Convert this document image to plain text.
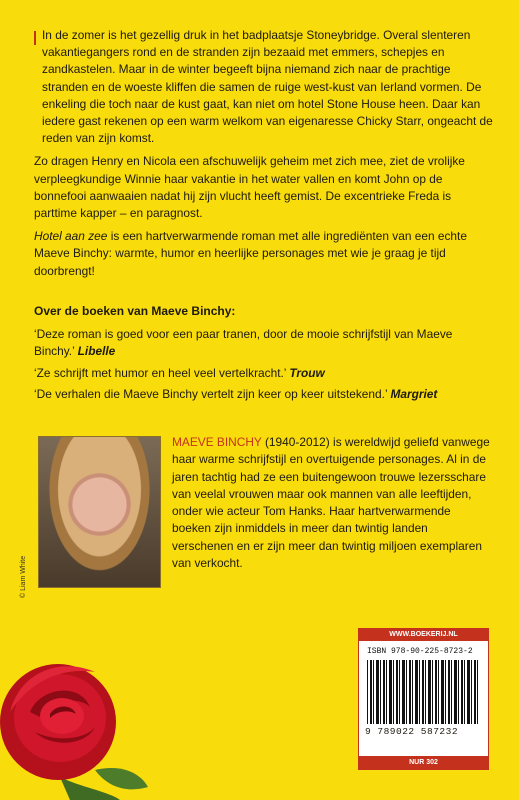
In de zomer is het gezellig druk in het badplaatsje Stoneybridge. Overal slenteren vakantiegangers rond en de stranden zijn bezaaid met emmers, schepjes en zandkastelen. Maar in de winter begeeft bijna niemand zich naar de prachtige stranden en de woeste kliffen die samen de ruige west-kust van Ierland vormen. De enkeling die toch naar de kust gaat, kan niet om hotel Stone House heen. Daar kan iedere gast rekenen op een warm welkom van eigenaresse Chicky Starr, ongeacht de reden van zijn komst.

Zo dragen Henry en Nicola een afschuwelijk geheim met zich mee, ziet de vrolijke verpleegkundige Winnie haar vakantie in het water vallen en komt John op de bonnefooi aanwaaien nadat hij zijn vlucht heeft gemist. De excentrieke Freda is parttime kapper – en paragnost.

Hotel aan zee is een hartverwarmende roman met alle ingrediënten van een echte Maeve Binchy: warmte, humor en heerlijke personages met wie je graag je tijd doorbrengt!

Over de boeken van Maeve Binchy:

‘Deze roman is goed voor een paar tranen, door de mooie schrijfstijl van Maeve Binchy.’ Libelle

‘Ze schrijft met humor en heel veel vertelkracht.’ Trouw

‘De verhalen die Maeve Binchy vertelt zijn keer op keer uitstekend.’ Margriet

© Liam White
MAEVE BINCHY (1940-2012) is wereldwijd geliefd vanwege haar warme schrijfstijl en overtuigende personages. Al in de jaren tachtig had ze een buitengewoon trouwe lezersschare van veelal vrouwen maar ook mannen van alle leeftijden, onder wie acteur Tom Hanks. Haar hartverwarmende boeken zijn inmiddels in meer dan twintig landen verschenen en er zijn meer dan twintig miljoen exemplaren van verkocht.
WWW.BOEKERIJ.NL
ISBN 978-90-225-8723-2
9 789022 587232
NUR 302
